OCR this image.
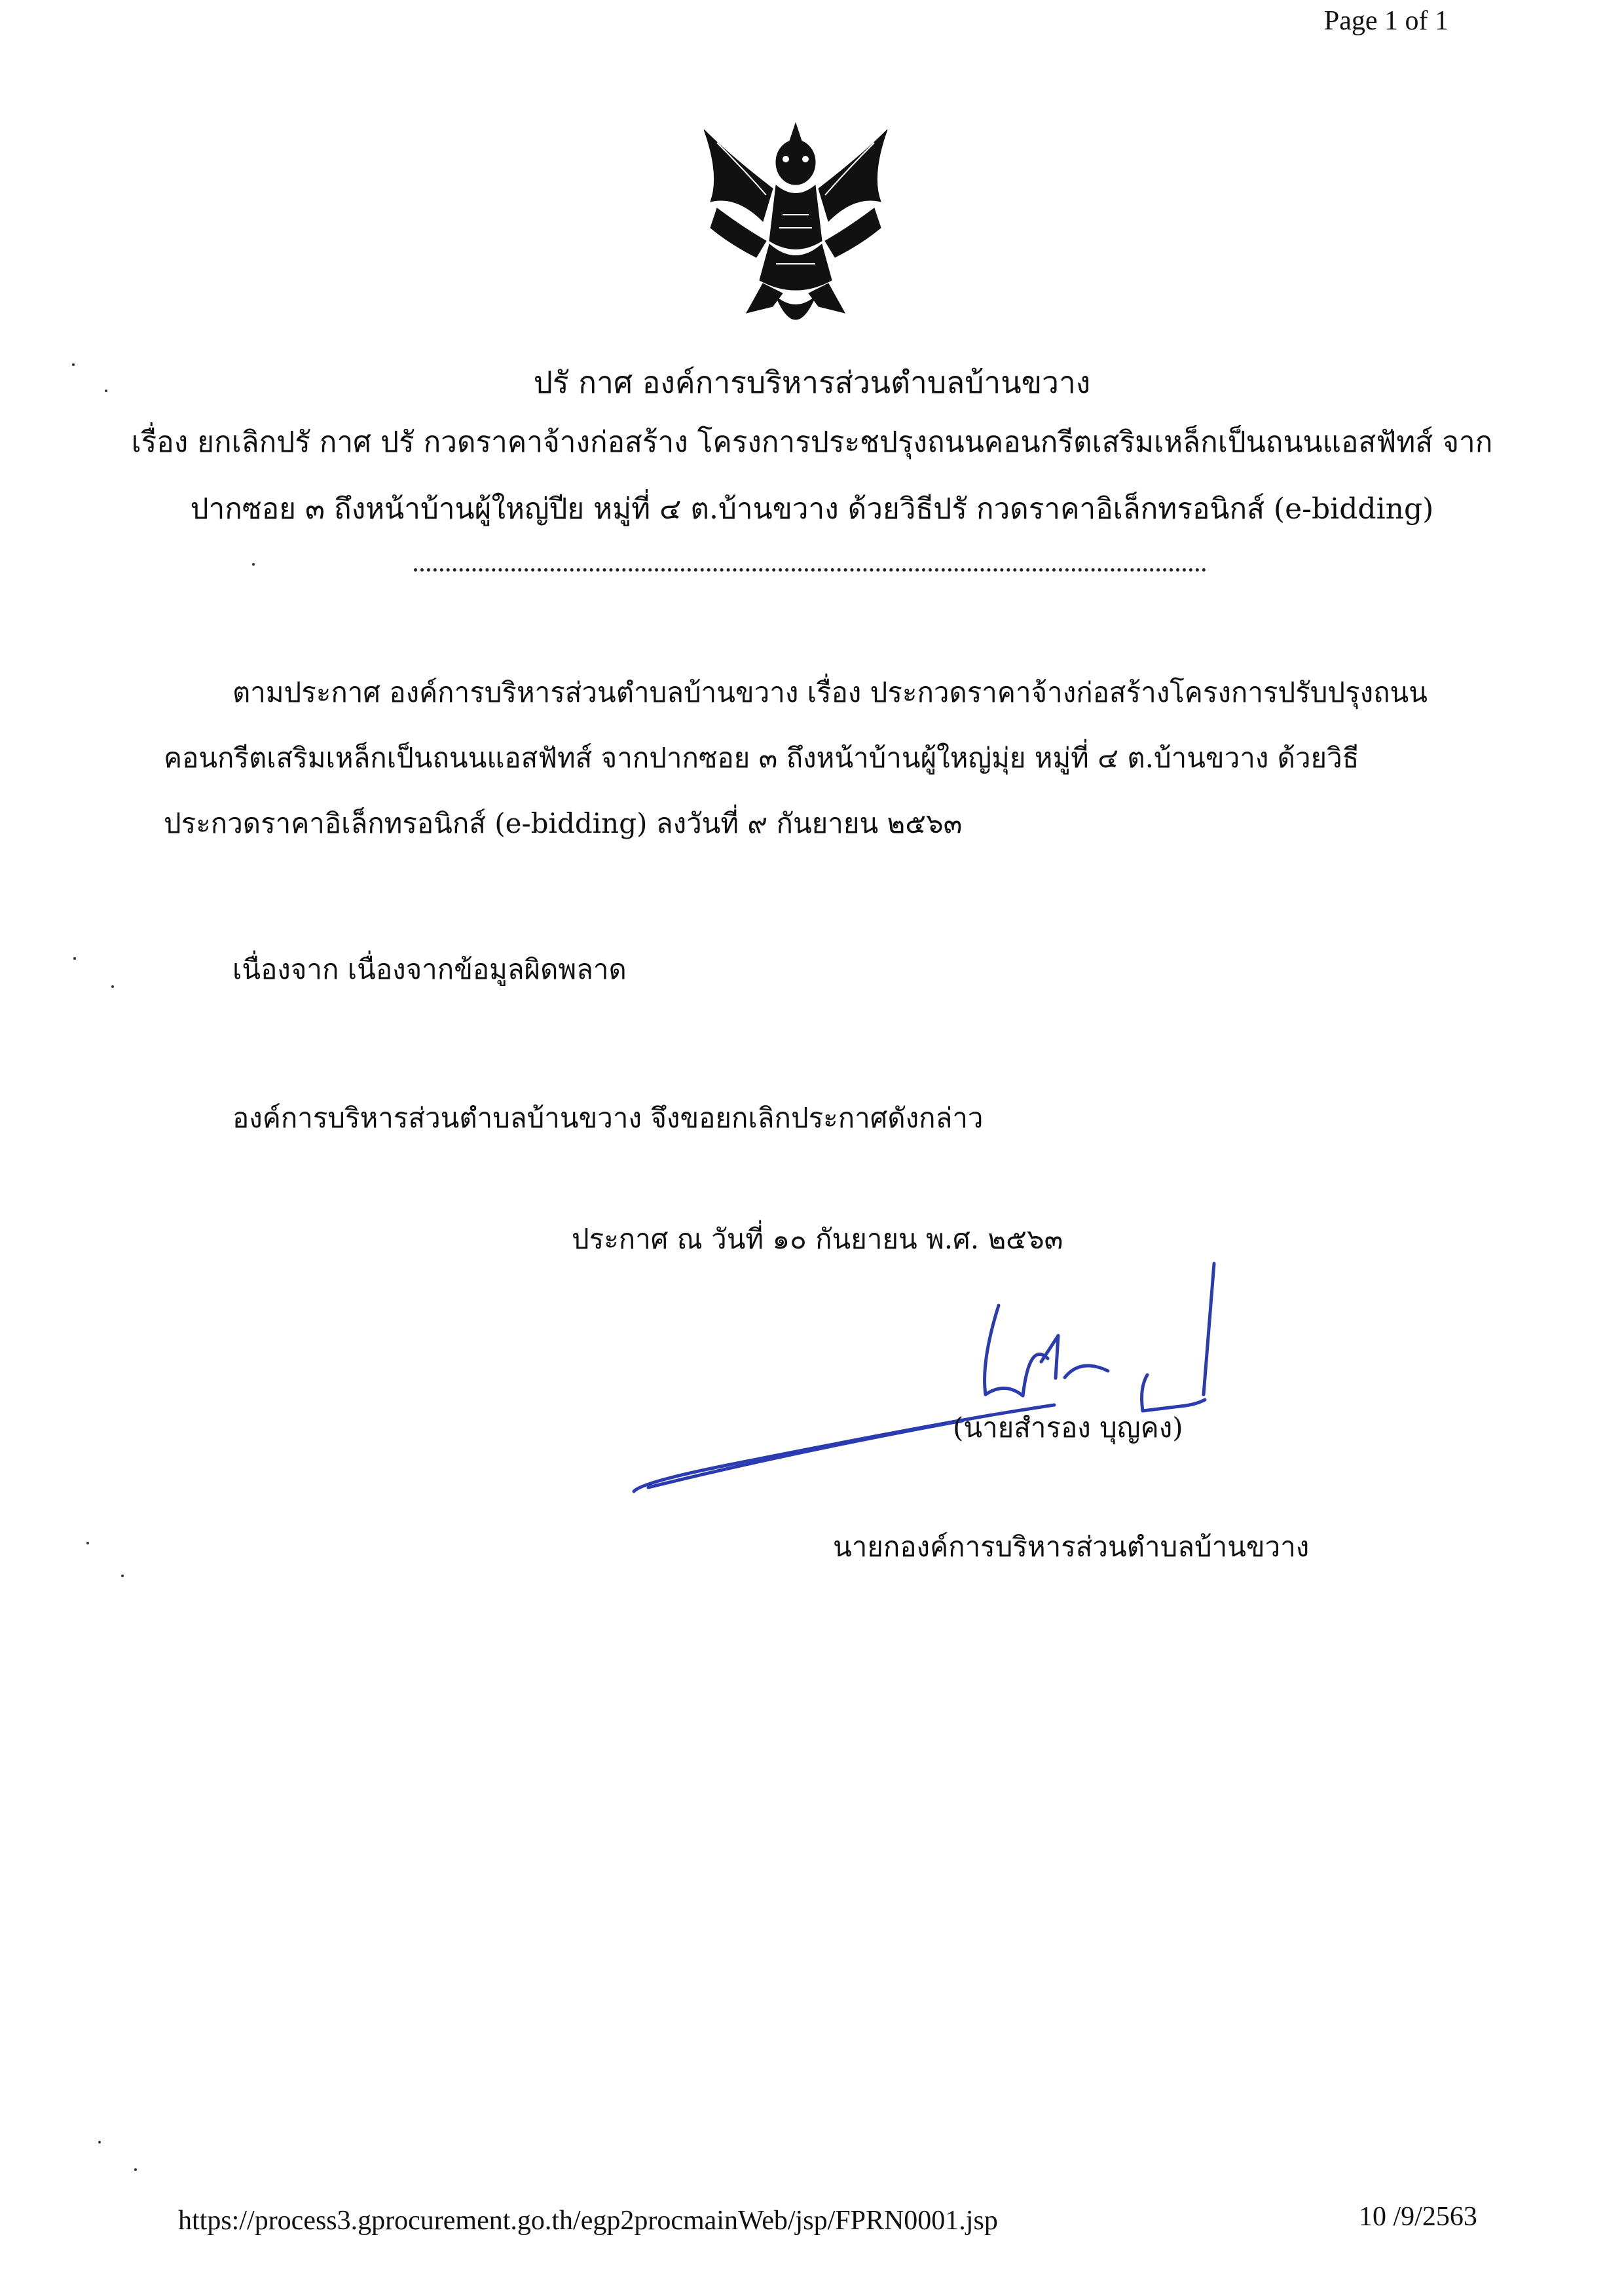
Page 1 of 1
ปรั กาศ องค์การบริหารส่วนตำบลบ้านขวาง
เรื่อง ยกเลิกปรั กาศ ปรั กวดราคาจ้างก่อสร้าง โครงการประชปรุงถนนคอนกรีตเสริมเหล็กเป็นถนนแอสฟัทส์ จาก
ปากซอย ๓ ถึงหน้าบ้านผู้ใหญ่ปีย หมู่ที่ ๔ ต.บ้านขวาง ด้วยวิธีปรั กวดราคาอิเล็กทรอนิกส์ (e-bidding)
ตามประกาศ องค์การบริหารส่วนตำบลบ้านขวาง เรื่อง ประกวดราคาจ้างก่อสร้างโครงการปรับปรุงถนน
คอนกรีตเสริมเหล็กเป็นถนนแอสฟัทส์ จากปากซอย ๓ ถึงหน้าบ้านผู้ใหญ่มุ่ย หมู่ที่ ๔ ต.บ้านขวาง ด้วยวิธี
ประกวดราคาอิเล็กทรอนิกส์ (e-bidding) ลงวันที่ ๙ กันยายน ๒๕๖๓
เนื่องจาก เนื่องจากข้อมูลผิดพลาด
องค์การบริหารส่วนตำบลบ้านขวาง จึงขอยกเลิกประกาศดังกล่าว
ประกาศ ณ วันที่ ๑๐ กันยายน พ.ศ. ๒๕๖๓
(นายสำรอง บุญคง)
นายกองค์การบริหารส่วนตำบลบ้านขวาง
https://process3.gprocurement.go.th/egp2procmainWeb/jsp/FPRN0001.jsp	10 /9/2563
